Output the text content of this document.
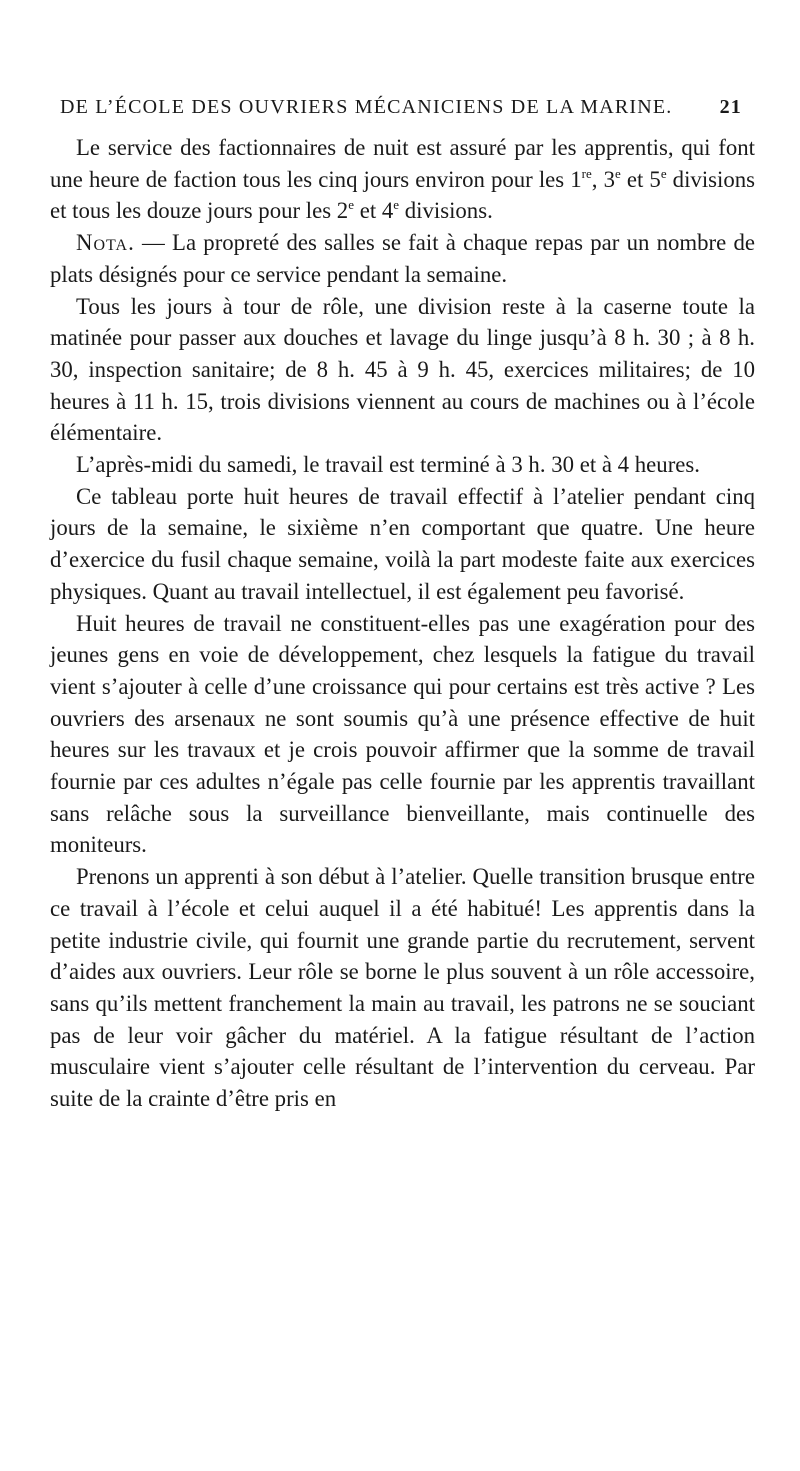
DE L’ÉCOLE DES OUVRIERS MÉCANICIENS DE LA MARINE. 21

Le service des factionnaires de nuit est assuré par les apprentis, qui font une heure de faction tous les cinq jours environ pour les 1re, 3e et 5e divisions et tous les douze jours pour les 2e et 4e divisions.

Nota. — La propreté des salles se fait à chaque repas par un nombre de plats désignés pour ce service pendant la semaine.

Tous les jours à tour de rôle, une division reste à la caserne toute la matinée pour passer aux douches et lavage du linge jusqu’à 8 h. 30 ; à 8 h. 30, inspection sanitaire; de 8 h. 45 à 9 h. 45, exercices militaires; de 10 heures à 11 h. 15, trois divisions viennent au cours de machines ou à l’école élémentaire.

L’après-midi du samedi, le travail est terminé à 3 h. 30 et à 4 heures.

Ce tableau porte huit heures de travail effectif à l’atelier pendant cinq jours de la semaine, le sixième n’en comportant que quatre. Une heure d’exercice du fusil chaque semaine, voilà la part modeste faite aux exercices physiques. Quant au travail intellectuel, il est également peu favorisé.

Huit heures de travail ne constituent-elles pas une exagération pour des jeunes gens en voie de développement, chez lesquels la fatigue du travail vient s’ajouter à celle d’une croissance qui pour certains est très active ? Les ouvriers des arsenaux ne sont soumis qu’à une présence effective de huit heures sur les travaux et je crois pouvoir affirmer que la somme de travail fournie par ces adultes n’égale pas celle fournie par les apprentis travaillant sans relâche sous la surveillance bienveillante, mais continuelle des moniteurs.

Prenons un apprenti à son début à l’atelier. Quelle transition brusque entre ce travail à l’école et celui auquel il a été habitué! Les apprentis dans la petite industrie civile, qui fournit une grande partie du recrutement, servent d’aides aux ouvriers. Leur rôle se borne le plus souvent à un rôle accessoire, sans qu’ils mettent franchement la main au travail, les patrons ne se souciant pas de leur voir gâcher du matériel. A la fatigue résultant de l’action musculaire vient s’ajouter celle résultant de l’intervention du cerveau. Par suite de la crainte d’être pris en
